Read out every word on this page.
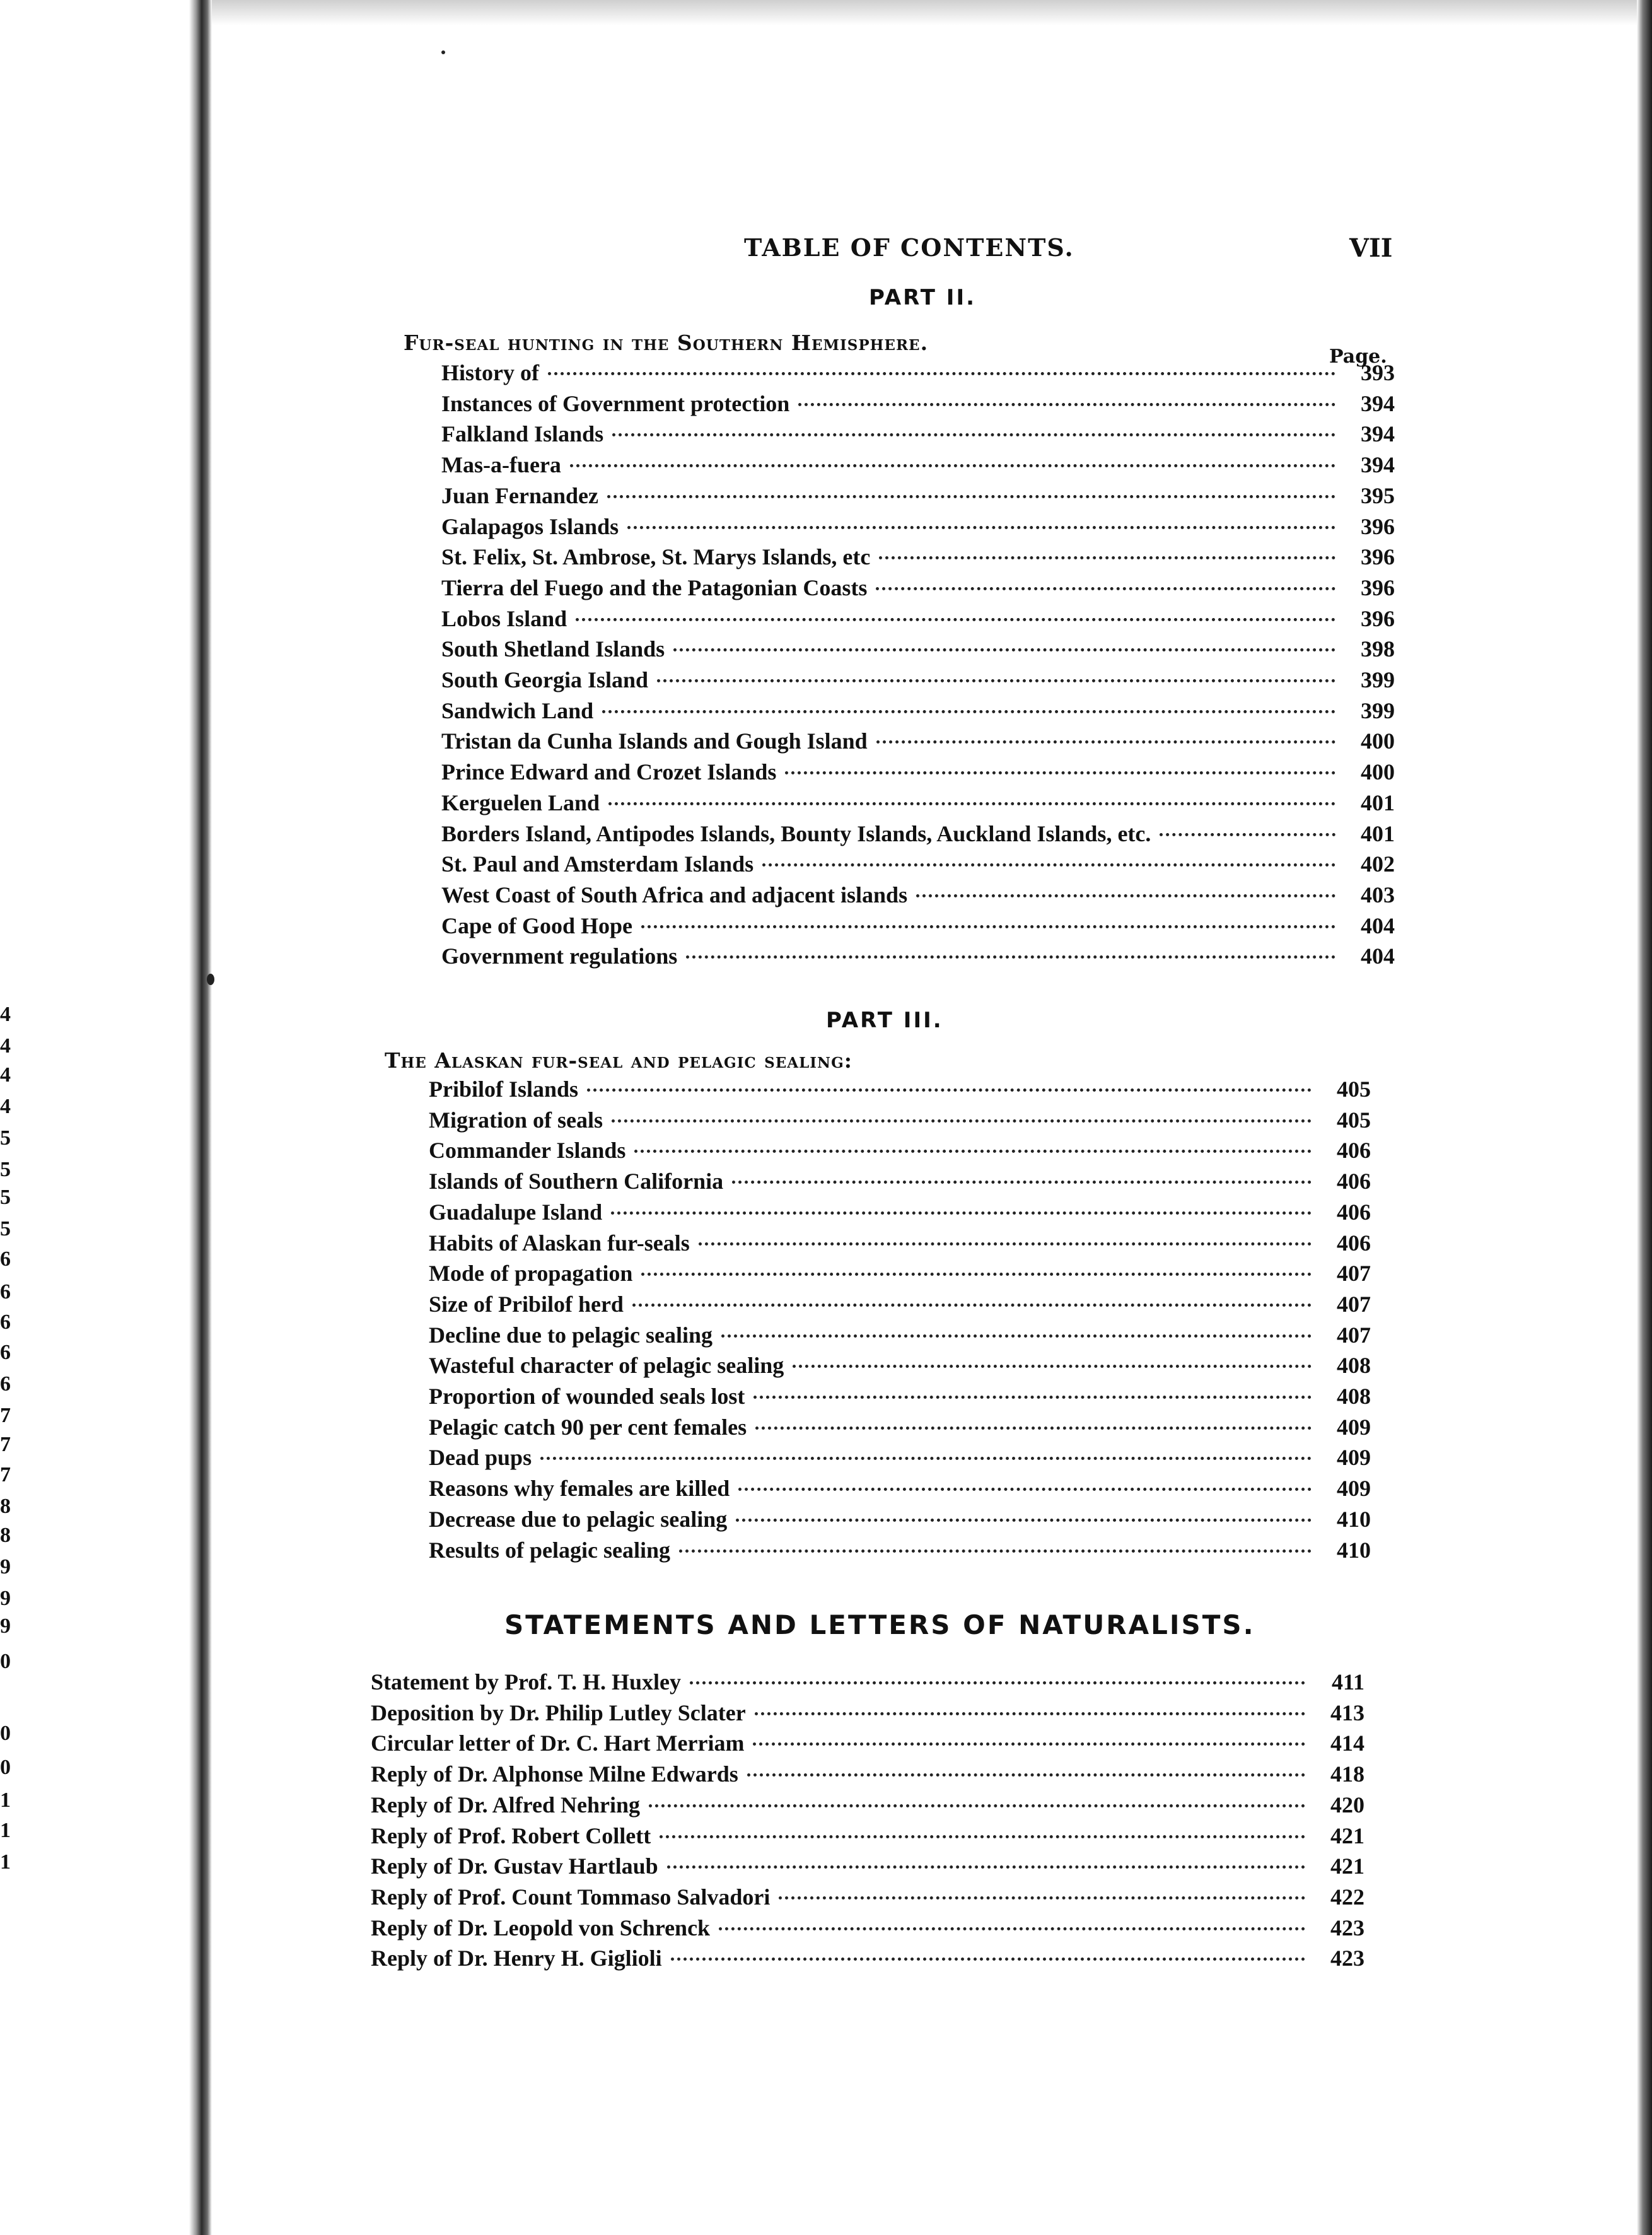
4
4
4
4
5
5
5
5
6
6
6
6
6
7
7
7
8
8
9
9
9
0
0
0
1
1
1
TABLE OF CONTENTS.	VII
PART II.
Fur-seal hunting in the Southern Hemisphere.
Page.
History of	393
Instances of Government protection	394
Falkland Islands	394
Mas-a-fuera	394
Juan Fernandez	395
Galapagos Islands	396
St. Felix, St. Ambrose, St. Marys Islands, etc	396
Tierra del Fuego and the Patagonian Coasts	396
Lobos Island	396
South Shetland Islands	398
South Georgia Island	399
Sandwich Land	399
Tristan da Cunha Islands and Gough Island	400
Prince Edward and Crozet Islands	400
Kerguelen Land	401
Borders Island, Antipodes Islands, Bounty Islands, Auckland Islands, etc.	401
St. Paul and Amsterdam Islands	402
West Coast of South Africa and adjacent islands	403
Cape of Good Hope	404
Government regulations	404
PART III.
The Alaskan fur-seal and pelagic sealing:
Pribilof Islands	405
Migration of seals	405
Commander Islands	406
Islands of Southern California	406
Guadalupe Island	406
Habits of Alaskan fur-seals	406
Mode of propagation	407
Size of Pribilof herd	407
Decline due to pelagic sealing	407
Wasteful character of pelagic sealing	408
Proportion of wounded seals lost	408
Pelagic catch 90 per cent females	409
Dead pups	409
Reasons why females are killed	409
Decrease due to pelagic sealing	410
Results of pelagic sealing	410
STATEMENTS AND LETTERS OF NATURALISTS.
Statement by Prof. T. H. Huxley	411
Deposition by Dr. Philip Lutley Sclater	413
Circular letter of Dr. C. Hart Merriam	414
Reply of Dr. Alphonse Milne Edwards	418
Reply of Dr. Alfred Nehring	420
Reply of Prof. Robert Collett	421
Reply of Dr. Gustav Hartlaub	421
Reply of Prof. Count Tommaso Salvadori	422
Reply of Dr. Leopold von Schrenck	423
Reply of Dr. Henry H. Giglioli	423
